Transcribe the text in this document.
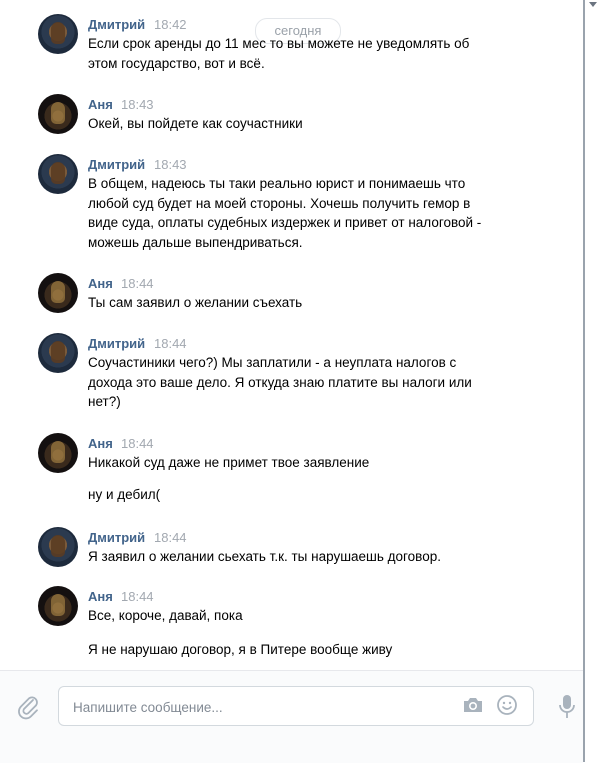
сегодня
Дмитрий 18:42
Если срок аренды до 11 мес то вы можете не уведомлять об
этом государство, вот и всё.
Аня 18:43
Окей, вы пойдете как соучастники
Дмитрий 18:43
В общем, надеюсь ты таки реально юрист и понимаешь что
любой суд будет на моей стороны. Хочешь получить гемор в
виде суда, оплаты судебных издержек и привет от налоговой -
можешь дальше выпендриваться.
Аня 18:44
Ты сам заявил о желании съехать
Дмитрий 18:44
Соучастиники чего?) Мы заплатили - а неуплата налогов с
дохода это ваше дело. Я откуда знаю платите вы налоги или
нет?)
Аня 18:44
Никакой суд даже не примет твое заявление
ну и дебил(
Дмитрий 18:44
Я заявил о желании сьехать т.к. ты нарушаешь договор.
Аня 18:44
Все, короче, давай, пока
Я не нарушаю договор, я в Питере вообще живу
Напишите сообщение...
